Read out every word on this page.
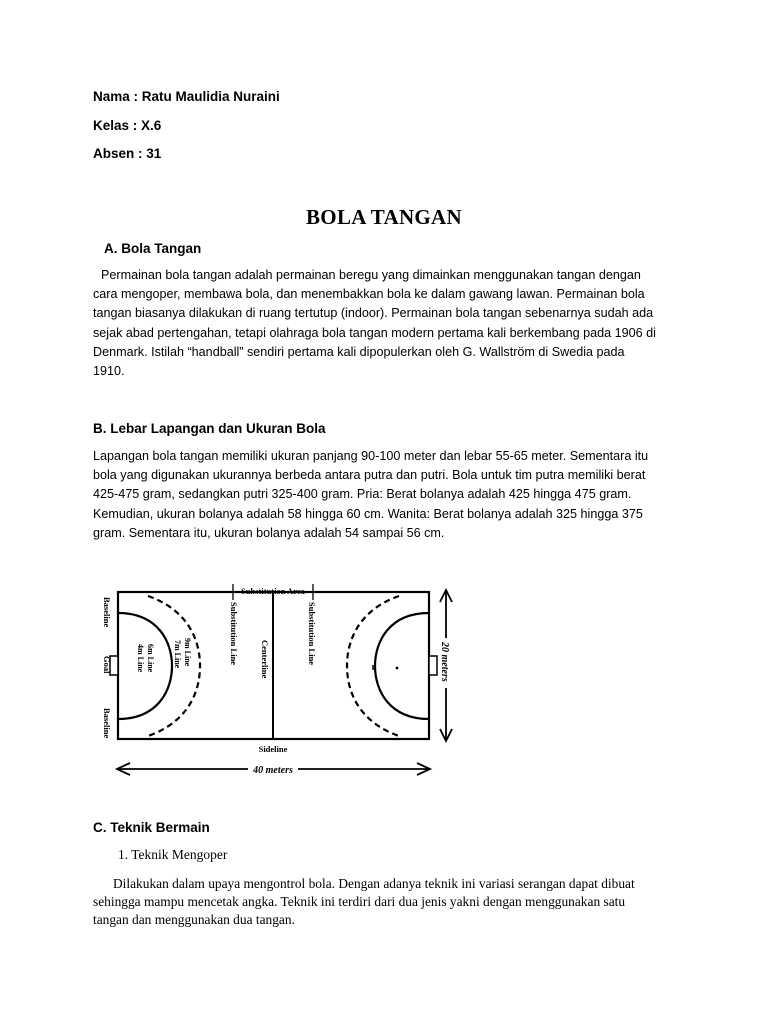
Nama : Ratu Maulidia Nuraini
Kelas : X.6
Absen : 31
BOLA TANGAN
A. Bola Tangan
Permainan bola tangan adalah permainan beregu yang dimainkan menggunakan tangan dengan
cara mengoper, membawa bola, dan menembakkan bola ke dalam gawang lawan. Permainan bola
tangan biasanya dilakukan di ruang tertutup (indoor). Permainan bola tangan sebenarnya sudah ada
sejak abad pertengahan, tetapi olahraga bola tangan modern pertama kali berkembang pada 1906 di
Denmark. Istilah “handball” sendiri pertama kali dipopulerkan oleh G. Wallström di Swedia pada
1910.
B. Lebar Lapangan dan Ukuran Bola
Lapangan bola tangan memiliki ukuran panjang 90-100 meter dan lebar 55-65 meter. Sementara itu
bola yang digunakan ukurannya berbeda antara putra dan putri. Bola untuk tim putra memiliki berat
425-475 gram, sedangkan putri 325-400 gram. Pria: Berat bolanya adalah 425 hingga 475 gram.
Kemudian, ukuran bolanya adalah 58 hingga 60 cm. Wanita: Berat bolanya adalah 325 hingga 375
gram. Sementara itu, ukuran bolanya adalah 54 sampai 56 cm.
Substitution Area
Substitution Line	Substitution Line
Centerline
Baseline
Baseline
Goal	4m Line 6m Line 7m Line 9m Line
Sideline
20 meters
40 meters
C. Teknik Bermain
1. Teknik Mengoper
Dilakukan dalam upaya mengontrol bola. Dengan adanya teknik ini variasi serangan dapat dibuat
sehingga mampu mencetak angka. Teknik ini terdiri dari dua jenis yakni dengan menggunakan satu
tangan dan menggunakan dua tangan.
